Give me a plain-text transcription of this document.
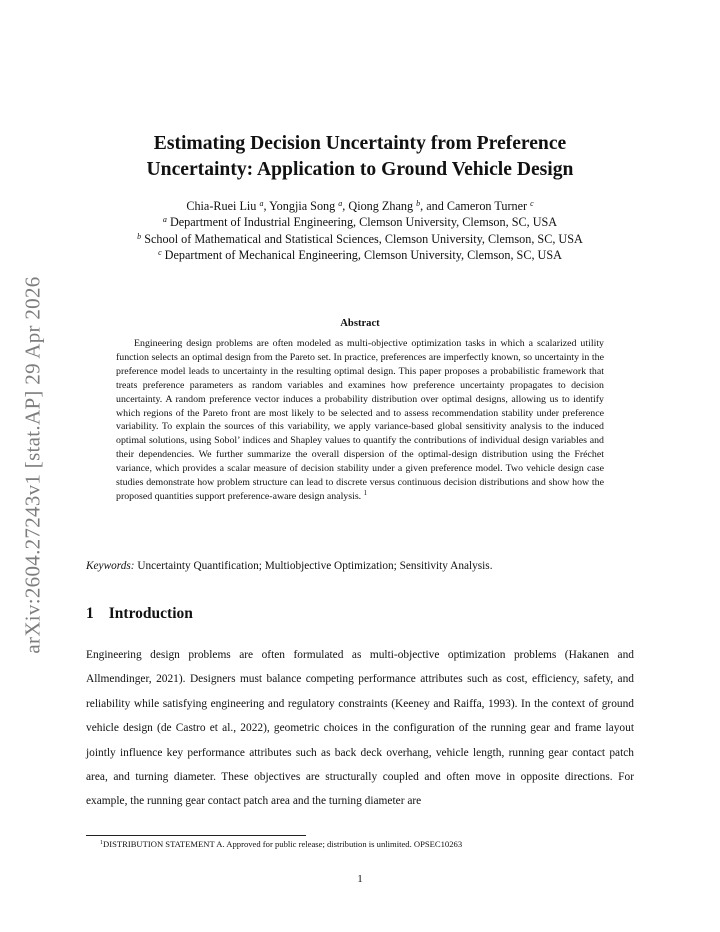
arXiv:2604.27243v1 [stat.AP] 29 Apr 2026
Estimating Decision Uncertainty from Preference
Uncertainty: Application to Ground Vehicle Design
Chia-Ruei Liu $^a$, Yongjia Song $^a$, Qiong Zhang $^b$, and Cameron Turner $^c$
$^a$ Department of Industrial Engineering, Clemson University, Clemson, SC, USA
$^b$ School of Mathematical and Statistical Sciences, Clemson University, Clemson, SC, USA
$^c$ Department of Mechanical Engineering, Clemson University, Clemson, SC, USA
Abstract

Engineering design problems are often modeled as multi-objective optimization tasks in which a scalarized utility function selects an optimal design from the Pareto set. In practice, preferences are imperfectly known, so uncertainty in the preference model leads to uncertainty in the resulting optimal design. This paper proposes a probabilistic framework that treats preference parameters as random variables and examines how preference uncertainty propagates to decision uncertainty. A random preference vector induces a probability distribution over optimal designs, allowing us to identify which regions of the Pareto front are most likely to be selected and to assess recommendation stability under preference variability. To explain the sources of this variability, we apply variance-based global sensitivity analysis to the induced optimal solutions, using Sobol’ indices and Shapley values to quantify the contributions of individual design variables and their dependencies. We further summarize the overall dispersion of the optimal-design distribution using the Fréchet variance, which provides a scalar measure of decision stability under a given preference model. Two vehicle design case studies demonstrate how problem structure can lead to discrete versus continuous decision distributions and show how the proposed quantities support preference-aware design analysis. $^1$

Keywords: Uncertainty Quantification; Multiobjective Optimization; Sensitivity Analysis.
1 Introduction

Engineering design problems are often formulated as multi-objective optimization problems (Hakanen and Allmendinger, 2021). Designers must balance competing performance attributes such as cost, efficiency, safety, and reliability while satisfying engineering and regulatory constraints (Keeney and Raiffa, 1993). In the context of ground vehicle design (de Castro et al., 2022), geometric choices in the configuration of the running gear and frame layout jointly influence key performance attributes such as back deck overhang, vehicle length, running gear contact patch area, and turning diameter. These objectives are structurally coupled and often move in opposite directions. For example, the running gear contact patch area and the turning diameter are

$^1$DISTRIBUTION STATEMENT A. Approved for public release; distribution is unlimited. OPSEC10263
1
